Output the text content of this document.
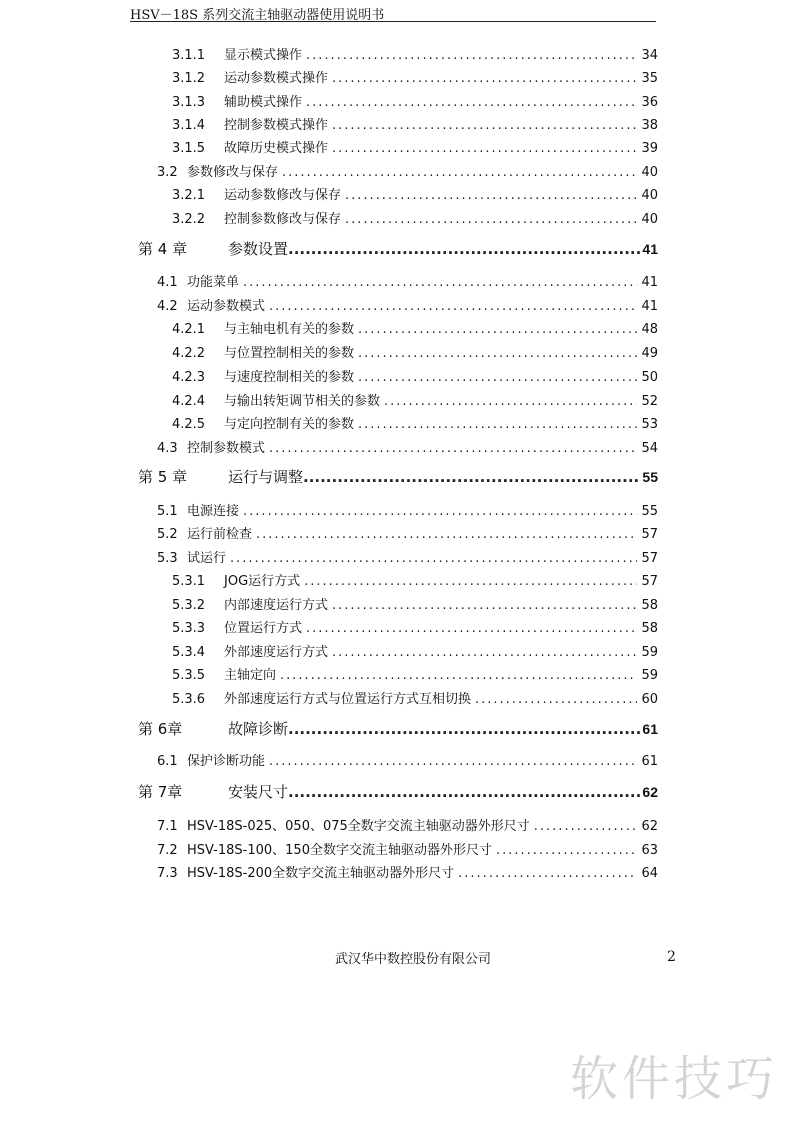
HSV－18S 系列交流主轴驱动器使用说明书
3.1.1	显示模式操作 .....	34
3.1.2	运动参数模式操作 .....	35
3.1.3	辅助模式操作 .....	36
3.1.4	控制参数模式操作 .....	38
3.1.5	故障历史模式操作 .....	39
3.2 参数修改与保存 .....	40
3.2.1	运动参数修改与保存 .....	40
3.2.2	控制参数修改与保存 .....	40
第 4 章	参数设置 .....	41
4.1 功能菜单 .....	41
4.2 运动参数模式 .....	41
4.2.1	与主轴电机有关的参数 .....	48
4.2.2	与位置控制相关的参数 .....	49
4.2.3	与速度控制相关的参数 .....	50
4.2.4	与输出转矩调节相关的参数 .....	52
4.2.5	与定向控制有关的参数 .....	53
4.3 控制参数模式 .....	54
第 5 章	运行与调整 .....	55
5.1 电源连接 .....	55
5.2 运行前检查 .....	57
5.3 试运行 .....	57
5.3.1	JOG运行方式 .....	57
5.3.2	内部速度运行方式 .....	58
5.3.3	位置运行方式 .....	58
5.3.4	外部速度运行方式 .....	59
5.3.5	主轴定向 .....	59
5.3.6	外部速度运行方式与位置运行方式互相切换 .....	60
第 6章	故障诊断 .....	61
6.1 保护诊断功能 .....	61
第 7章	安装尺寸 .....	62
7.1 HSV-18S-025、050、075全数字交流主轴驱动器外形尺寸 .....	62
7.2 HSV-18S-100、150全数字交流主轴驱动器外形尺寸 .....	63
7.3 HSV-18S-200全数字交流主轴驱动器外形尺寸 .....	64
武汉华中数控股份有限公司	2
软件技巧
